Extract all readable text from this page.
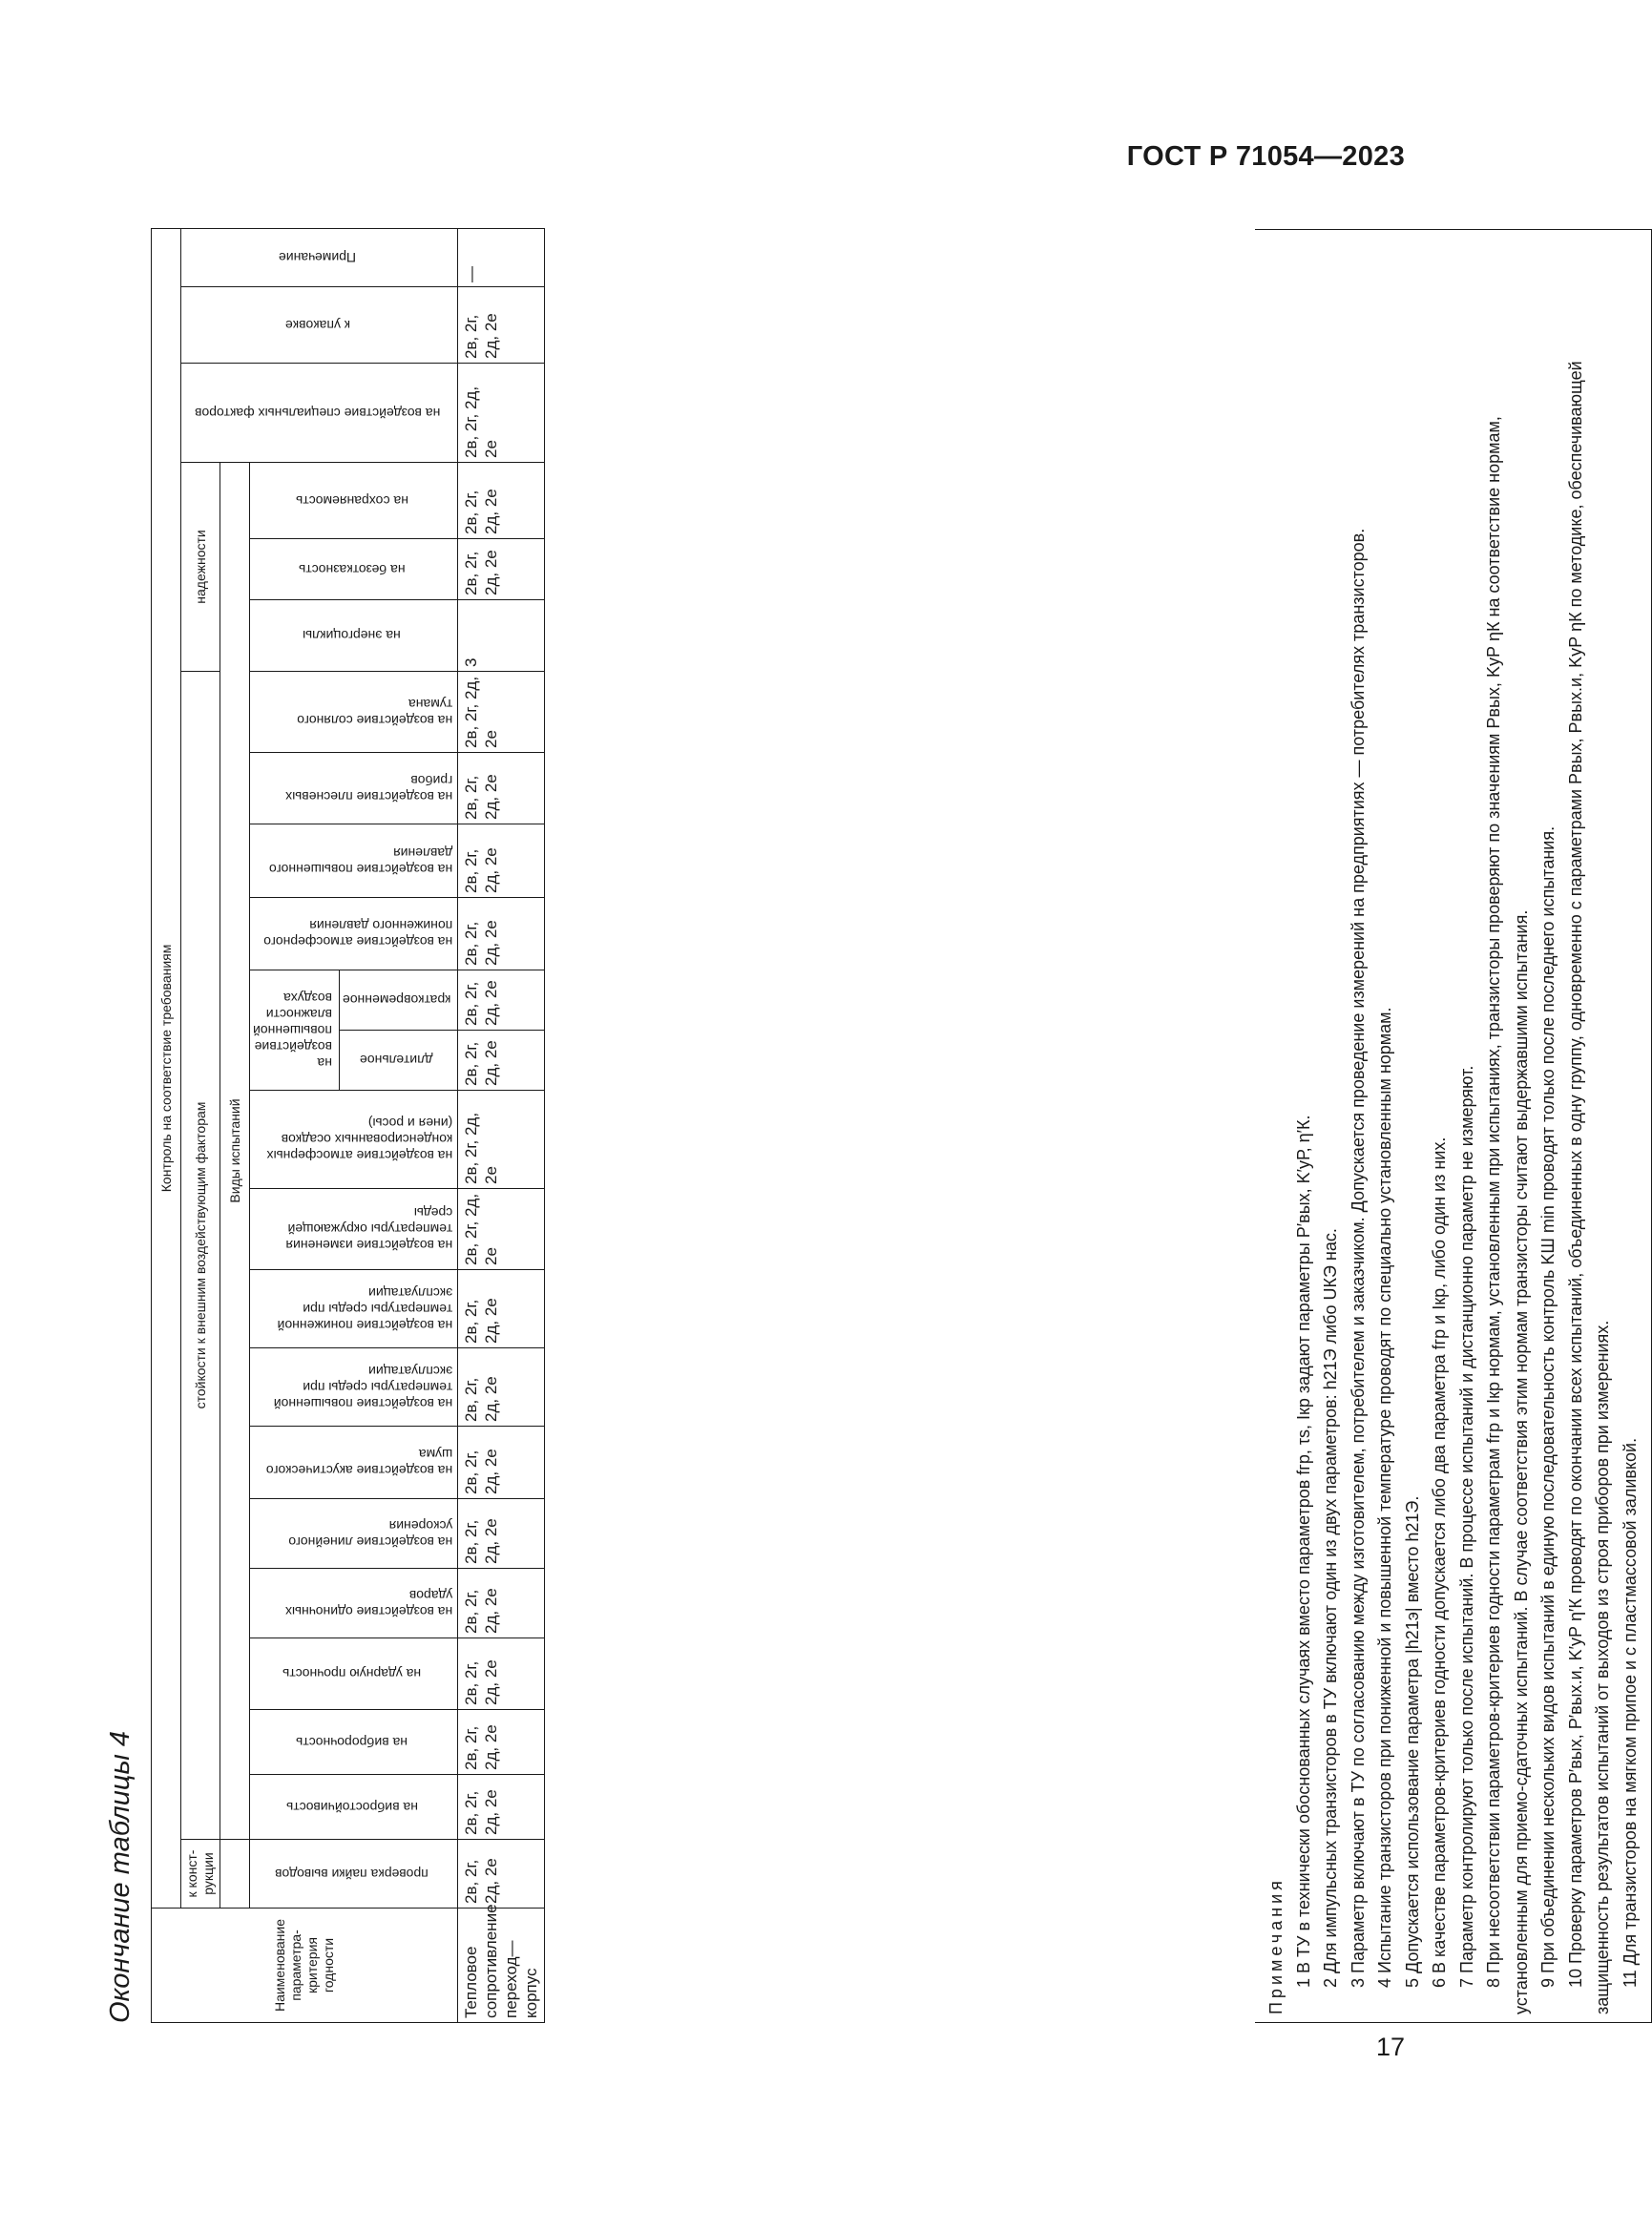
ГОСТ Р 71054—2023
Окончание таблицы 4	Наименование параметра-критерия годности	Контроль на соответствие требованиям																						
	к конст-рукции	стойкости к внешним воздействующим факторам																надежности			на воздействие специальных факторов	к упаковке	Примечание
		Виды испытаний																					
	проверка пайки выводов	на вибростойчивость	на вибророчность	на ударную прочность	на воздействие одиночных ударов	на воздействие линейного ускорения	на воздействие акустического шума	на воздействие повышенной температуры среды при эксплуатации	на воздействие пониженной температуры среды при эксплуатации	на воздействие изменения температуры окружающей среды	на воздействие атмосферных конденсированных осадков (инея и росы)	на воздействие повышенной влажности воздуха		на воздействие атмосферного пониженного давления	на воздействие повышенного давления	на воздействие плесневых грибов	на воздействие соляного тумана	на энергоциклы	на безотказность	на сохраняемость			
												длительное	кратковременное										

Тепловое сопротивление переход—корпус	2в, 2г, 2д, 2е	2в, 2г, 2д, 2е	2в, 2г, 2д, 2е	2в, 2г, 2д, 2е	2в, 2г, 2д, 2е	2в, 2г, 2д, 2е	2в, 2г, 2д, 2е	2в, 2г, 2д, 2е	2в, 2г, 2д, 2е	2в, 2г, 2д, 2е	2в, 2г, 2д, 2е	2в, 2г, 2д, 2е	2в, 2г, 2д, 2е	2в, 2г, 2д, 2е	2в, 2г, 2д, 2е	2в, 2г, 2д, 2е	2в, 2г, 2д, 2е	3	2в, 2г, 2д, 2е	2в, 2г, 2д, 2е	2в, 2г, 2д, 2е	2в, 2г, 2д, 2е	—

Примечания 1 В ТУ в технически обоснованных случаях вместо параметров fгр, τs, Iкр задают параметры P′вых, K′уР, η′К. 2 Для импульсных транзисторов в ТУ включают один из двух параметров: h21Э либо UКЭ нас. 3 Параметр включают в ТУ по согласованию между изготовителем, потребителем и заказчиком. Допускается проведение измерений на предприятиях — потребителях транзисторов. 4 Испытание транзисторов при пониженной и повышенной температуре проводят по специально установленным нормам. 5 Допускается использование параметра |h21э| вместо h21Э. 6 В качестве параметров-критериев годности допускается либо два параметра fгр и Iкр, либо один из них. 7 Параметр контролируют только после испытаний. В процессе испытаний и дистанционно параметр не измеряют. 8 При несоответствии параметров-критериев годности параметрам fгр и Iкр нормам, установленным при испытаниях, транзисторы проверяют по значениям Pвых, KуР ηК на соответствие нормам, установленным для приемо-сдаточных испытаний. В случае соответствия этим нормам транзисторы считают выдержавшими испытания. 9 При объединении нескольких видов испытаний в единую последовательность контроль KШ min проводят только после последнего испытания. 10 Проверку параметров P′вых, P′вых.и, K′уР η′К проводят по окончании всех испытаний, объединенных в одну группу, одновременно с параметрами Pвых, Pвых.и, KуР ηК по методике, обеспечивающей защищенность результатов испытаний от выходов из строя приборов при измерениях. 11 Для транзисторов на мягком припое и с пластмассовой заливкой.

17
